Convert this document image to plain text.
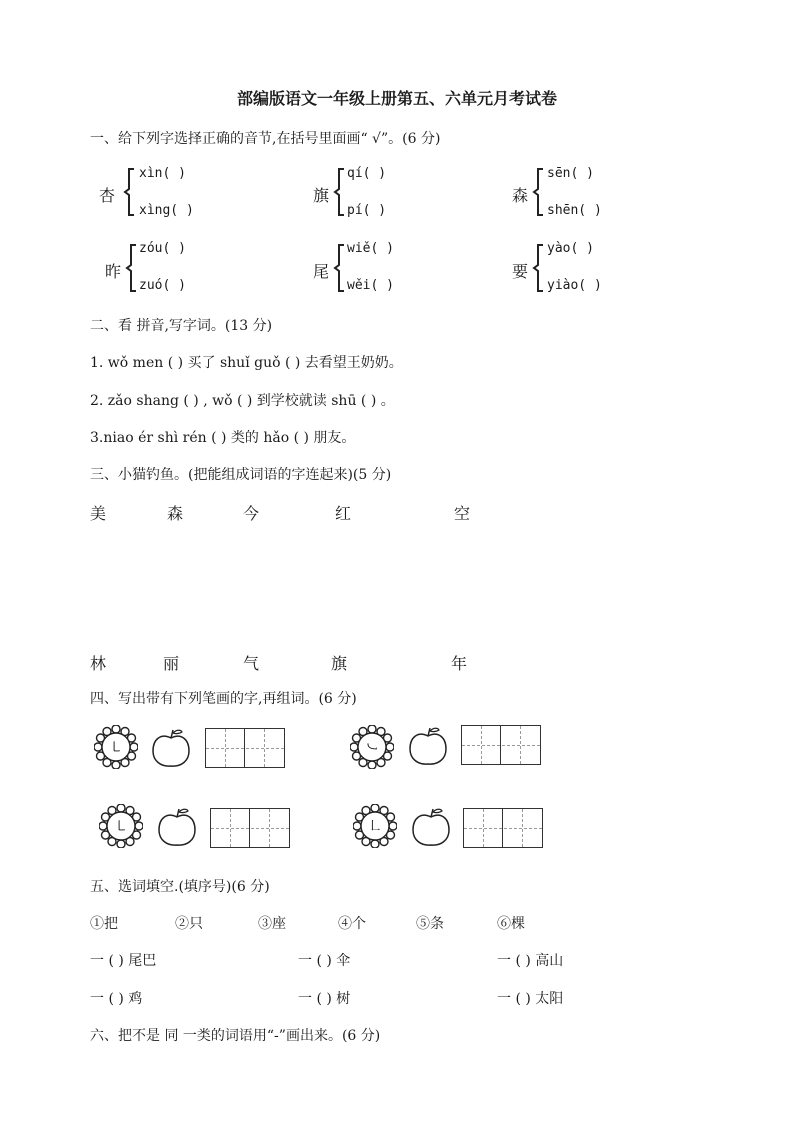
部编版语文一年级上册第五、六单元月考试卷
一、给下列字选择正确的音节,在括号里面画“ √”。(6 分)
杏
xìn( )
xìng( )
旗
qí( )
pí( )
森
sēn( )
shēn( )
昨
zóu( )
zuó( )
尾
wiě( )
wěi( )
要
yào( )
yiào( )
二、看 拼音,写字词。(13 分)
1. wǒ men ( ) 买了 shuǐ guǒ ( ) 去看望王奶奶。
2. zǎo shang ( ) , wǒ ( ) 到学校就读 shū ( ) 。
3.niao ér shì rén ( ) 类的 hǎo ( ) 朋友。
三、小猫钓鱼。(把能组成词语的字连起来)(5 分)
美	森	今	红	空
林	丽	气	旗	年
四、写出带有下列笔画的字,再组词。(6 分)
㇄	㇃
㇄	㇗
五、选词填空.(填序号)(6 分)
①把	②只	③座	④个	⑤条	⑥棵
一 ( ) 尾巴	一 ( ) 伞	一 ( ) 高山
一 ( ) 鸡	一 ( ) 树	一 ( ) 太阳
六、把不是 同 一类的词语用“-”画出来。(6 分)
